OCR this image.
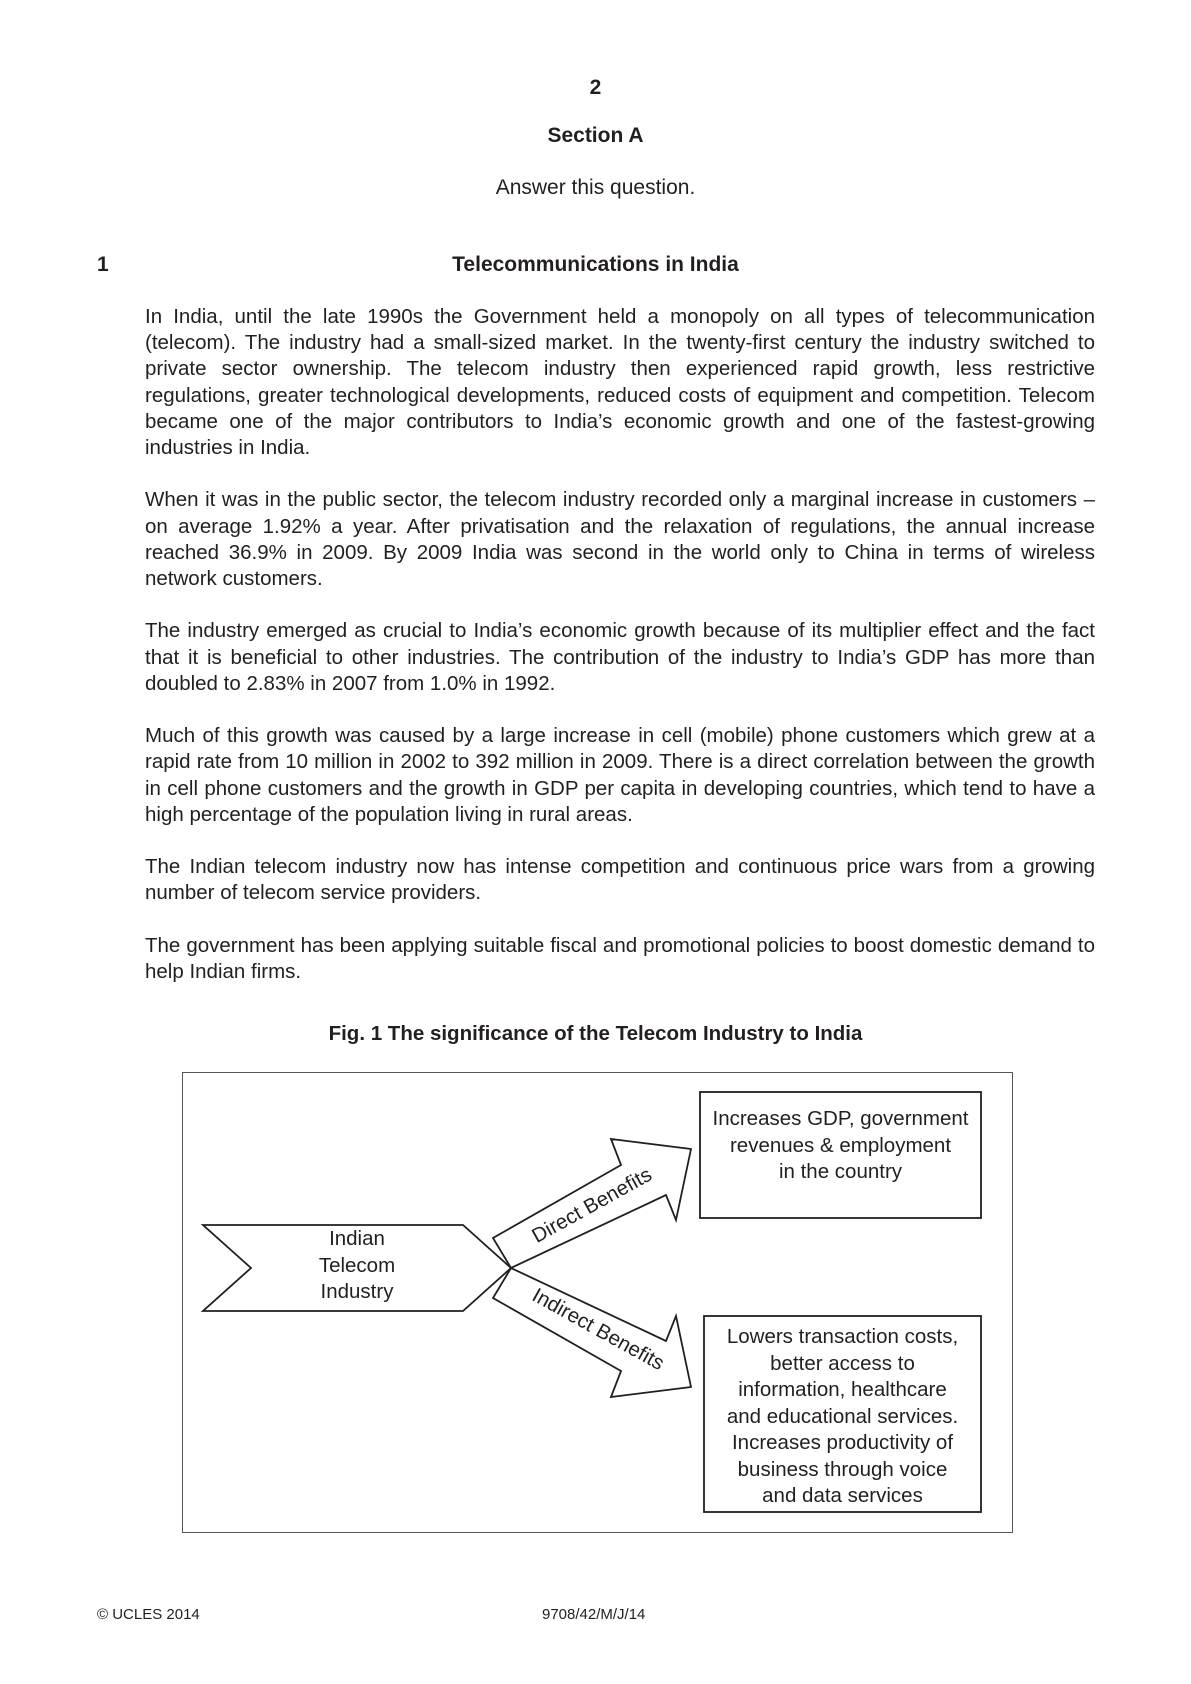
2
Section A
Answer this question.
1	Telecommunications in India

In India, until the late 1990s the Government held a monopoly on all types of telecommunication (telecom). The industry had a small-sized market. In the twenty-first century the industry switched to private sector ownership. The telecom industry then experienced rapid growth, less restrictive regulations, greater technological developments, reduced costs of equipment and competition. Telecom became one of the major contributors to India’s economic growth and one of the fastest-growing industries in India.

When it was in the public sector, the telecom industry recorded only a marginal increase in customers – on average 1.92% a year. After privatisation and the relaxation of regulations, the annual increase reached 36.9% in 2009. By 2009 India was second in the world only to China in terms of wireless network customers.

The industry emerged as crucial to India’s economic growth because of its multiplier effect and the fact that it is beneficial to other industries. The contribution of the industry to India’s GDP has more than doubled to 2.83% in 2007 from 1.0% in 1992.

Much of this growth was caused by a large increase in cell (mobile) phone customers which grew at a rapid rate from 10 million in 2002 to 392 million in 2009. There is a direct correlation between the growth in cell phone customers and the growth in GDP per capita in developing countries, which tend to have a high percentage of the population living in rural areas.

The Indian telecom industry now has intense competition and continuous price wars from a growing number of telecom service providers.

The government has been applying suitable fiscal and promotional policies to boost domestic demand to help Indian firms.

Fig. 1 The significance of the Telecom Industry to India
Direct Benefits
Indirect Benefits
Indian
Telecom
Industry
Increases GDP, government
revenues & employment
in the country
Lowers transaction costs,
better access to
information, healthcare
and educational services.
Increases productivity of
business through voice
and data services
© UCLES 2014	9708/42/M/J/14
